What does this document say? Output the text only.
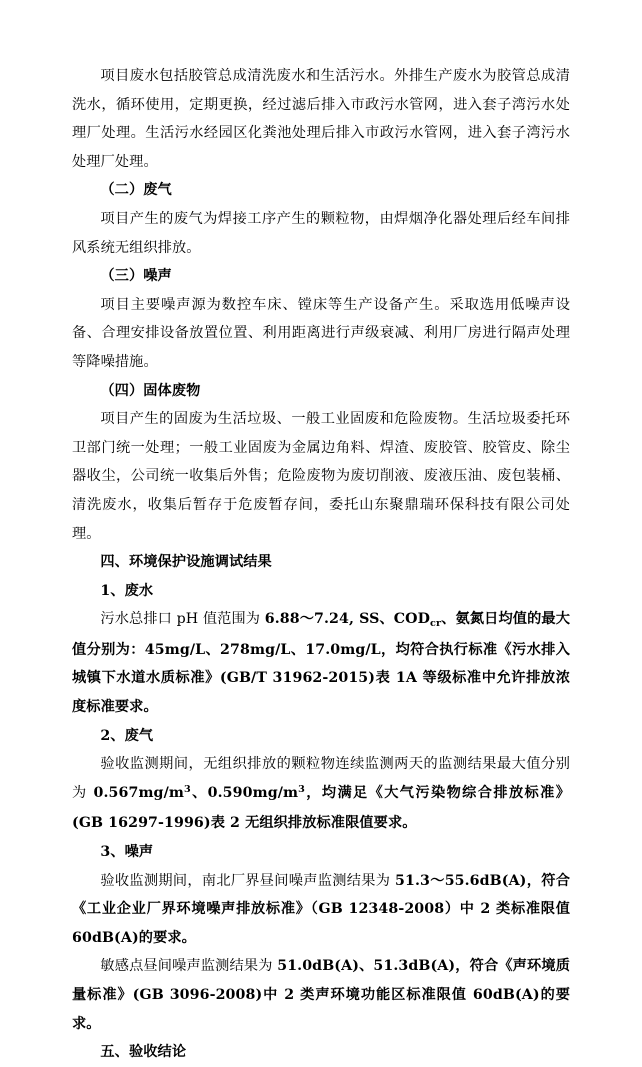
项目废水包括胶管总成清洗废水和生活污水。外排生产废水为胶管总成清洗水，循环使用，定期更换，经过滤后排入市政污水管网，进入套子湾污水处理厂处理。生活污水经园区化粪池处理后排入市政污水管网，进入套子湾污水处理厂处理。

（二）废气

项目产生的废气为焊接工序产生的颗粒物，由焊烟净化器处理后经车间排风系统无组织排放。

（三）噪声

项目主要噪声源为数控车床、镗床等生产设备产生。采取选用低噪声设备、合理安排设备放置位置、利用距离进行声级衰减、利用厂房进行隔声处理等降噪措施。

（四）固体废物

项目产生的固废为生活垃圾、一般工业固废和危险废物。生活垃圾委托环卫部门统一处理；一般工业固废为金属边角料、焊渣、废胶管、胶管皮、除尘器收尘，公司统一收集后外售；危险废物为废切削液、废液压油、废包装桶、清洗废水，收集后暂存于危废暂存间，委托山东聚鼎瑞环保科技有限公司处理。

四、环境保护设施调试结果

1、废水

污水总排口 pH 值范围为 6.88～7.24, SS、$COD_{cr}$、氨氮日均值的最大值分别为：45mg/L、278mg/L、17.0mg/L，均符合执行标准《污水排入城镇下水道水质标准》(GB/T 31962-2015)表 1A 等级标准中允许排放浓度标准要求。

2、废气

验收监测期间，无组织排放的颗粒物连续监测两天的监测结果最大值分别为 $0.567mg/m^3$、$0.590mg/m^3$，均满足《大气污染物综合排放标准》(GB 16297-1996)表 2 无组织排放标准限值要求。

3、噪声

验收监测期间，南北厂界昼间噪声监测结果为 51.3～55.6dB(A)，符合《工业企业厂界环境噪声排放标准》（GB 12348-2008）中 2 类标准限值 60dB(A)的要求。

敏感点昼间噪声监测结果为 51.0dB(A)、51.3dB(A)，符合《声环境质量标准》(GB 3096-2008)中 2 类声环境功能区标准限值 60dB(A)的要求。

五、验收结论
